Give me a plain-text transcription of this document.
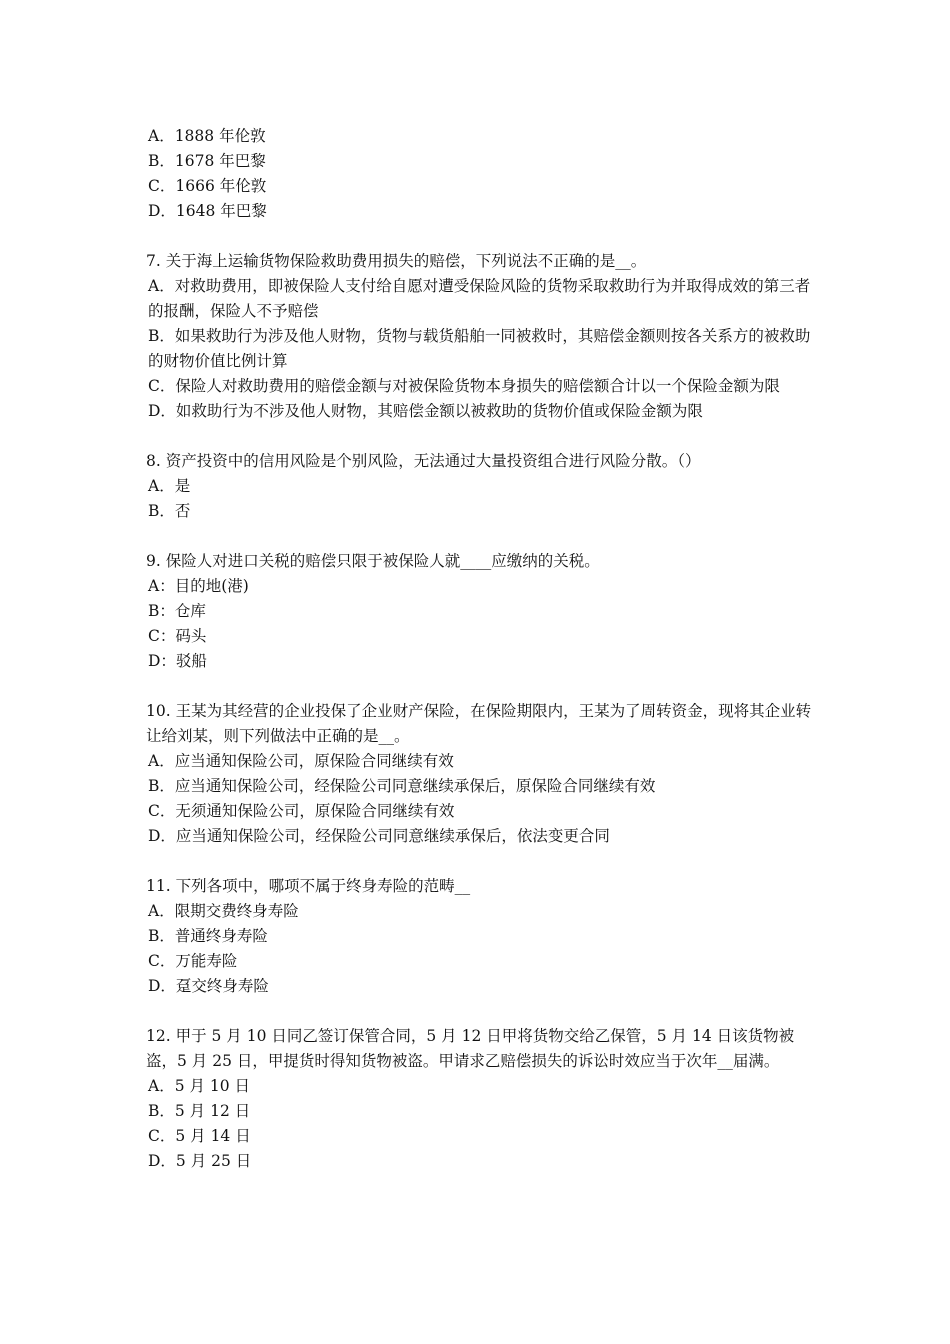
A．1888 年伦敦
B．1678 年巴黎
C．1666 年伦敦
D．1648 年巴黎
7. 关于海上运输货物保险救助费用损失的赔偿，下列说法不正确的是__。
A．对救助费用，即被保险人支付给自愿对遭受保险风险的货物采取救助行为并取得成效的第三者的报酬，保险人不予赔偿
B．如果救助行为涉及他人财物，货物与载货船舶一同被救时，其赔偿金额则按各关系方的被救助的财物价值比例计算
C．保险人对救助费用的赔偿金额与对被保险货物本身损失的赔偿额合计以一个保险金额为限
D．如救助行为不涉及他人财物，其赔偿金额以被救助的货物价值或保险金额为限
8. 资产投资中的信用风险是个别风险，无法通过大量投资组合进行风险分散。（）
A．是
B．否
9. 保险人对进口关税的赔偿只限于被保险人就____应缴纳的关税。
A：目的地(港)
B：仓库
C：码头
D：驳船
10. 王某为其经营的企业投保了企业财产保险，在保险期限内，王某为了周转资金，现将其企业转让给刘某，则下列做法中正确的是__。
A．应当通知保险公司，原保险合同继续有效
B．应当通知保险公司，经保险公司同意继续承保后，原保险合同继续有效
C．无须通知保险公司，原保险合同继续有效
D．应当通知保险公司，经保险公司同意继续承保后，依法变更合同
11. 下列各项中，哪项不属于终身寿险的范畴__
A．限期交费终身寿险
B．普通终身寿险
C．万能寿险
D．趸交终身寿险
12. 甲于 5 月 10 日同乙签订保管合同，5 月 12 日甲将货物交给乙保管，5 月 14 日该货物被盗，5 月 25 日，甲提货时得知货物被盗。甲请求乙赔偿损失的诉讼时效应当于次年__届满。
A．5 月 10 日
B．5 月 12 日
C．5 月 14 日
D．5 月 25 日
